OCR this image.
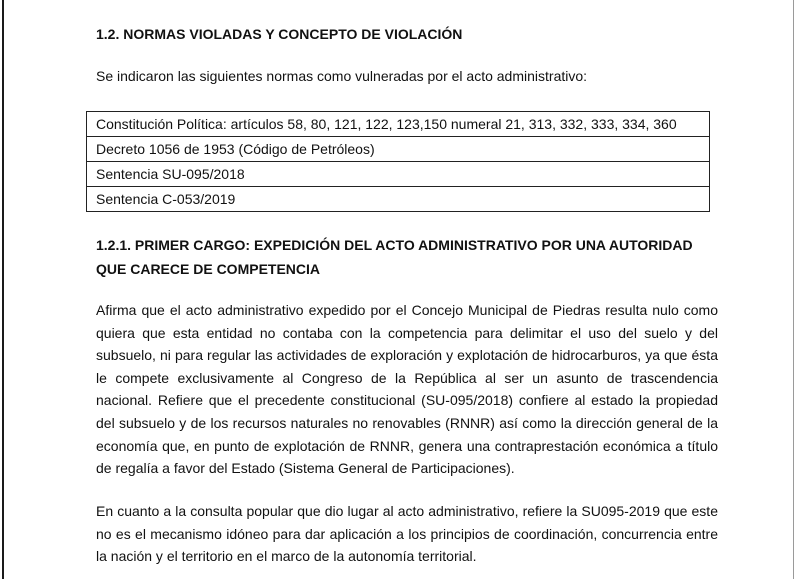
1.2. NORMAS VIOLADAS Y CONCEPTO DE VIOLACIÓN

Se indicaron las siguientes normas como vulneradas por el acto administrativo:

Constitución Política: artículos 58, 80, 121, 122, 123,150 numeral 21, 313, 332, 333, 334, 360
Decreto 1056 de 1953 (Código de Petróleos)
Sentencia SU-095/2018
Sentencia C-053/2019
1.2.1. PRIMER CARGO: EXPEDICIÓN DEL ACTO ADMINISTRATIVO POR UNA AUTORIDAD QUE CARECE DE COMPETENCIA

Afirma que el acto administrativo expedido por el Concejo Municipal de Piedras resulta nulo como quiera que esta entidad no contaba con la competencia para delimitar el uso del suelo y del subsuelo, ni para regular las actividades de exploración y explotación de hidrocarburos, ya que ésta le compete exclusivamente al Congreso de la República al ser un asunto de trascendencia nacional. Refiere que el precedente constitucional (SU-095/2018) confiere al estado la propiedad del subsuelo y de los recursos naturales no renovables (RNNR) así como la dirección general de la economía que, en punto de explotación de RNNR, genera una contraprestación económica a título de regalía a favor del Estado (Sistema General de Participaciones).

En cuanto a la consulta popular que dio lugar al acto administrativo, refiere la SU095-2019 que este no es el mecanismo idóneo para dar aplicación a los principios de coordinación, concurrencia entre la nación y el territorio en el marco de la autonomía territorial.
